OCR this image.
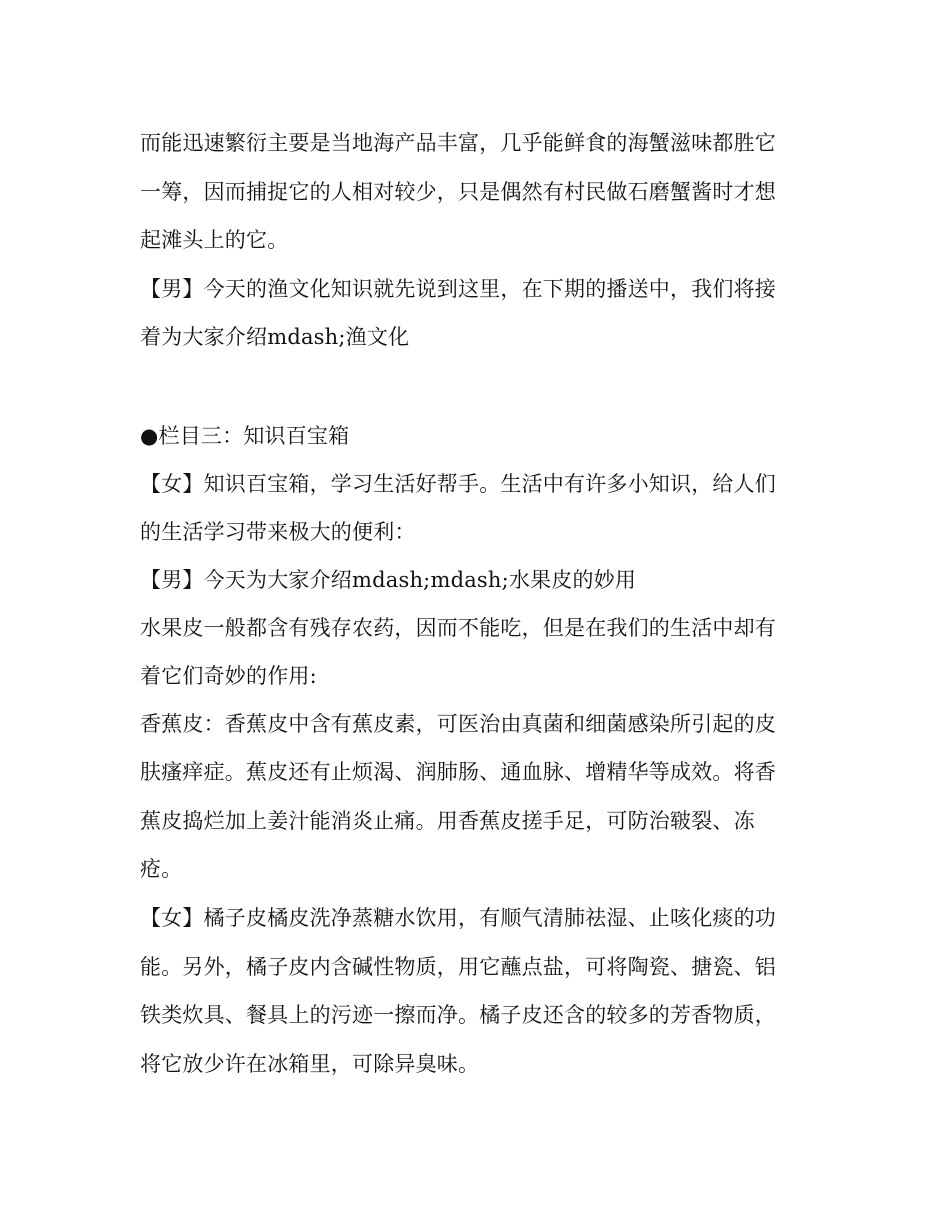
而能迅速繁衍主要是当地海产品丰富，几乎能鲜食的海蟹滋味都胜它
一筹，因而捕捉它的人相对较少，只是偶然有村民做石磨蟹酱时才想
起滩头上的它。
【男】今天的渔文化知识就先说到这里，在下期的播送中，我们将接
着为大家介绍mdash;渔文化
●栏目三：知识百宝箱
【女】知识百宝箱，学习生活好帮手。生活中有许多小知识，给人们
的生活学习带来极大的便利：
【男】今天为大家介绍mdash;mdash;水果皮的妙用
水果皮一般都含有残存农药，因而不能吃，但是在我们的生活中却有
着它们奇妙的作用:
香蕉皮：香蕉皮中含有蕉皮素，可医治由真菌和细菌感染所引起的皮
肤瘙痒症。蕉皮还有止烦渴、润肺肠、通血脉、增精华等成效。将香
蕉皮捣烂加上姜汁能消炎止痛。用香蕉皮搓手足，可防治皲裂、冻
疮。
【女】橘子皮橘皮洗净蒸糖水饮用，有顺气清肺祛湿、止咳化痰的功
能。另外，橘子皮内含碱性物质，用它蘸点盐，可将陶瓷、搪瓷、铝
铁类炊具、餐具上的污迹一擦而净。橘子皮还含的较多的芳香物质，
将它放少许在冰箱里，可除异臭味。
